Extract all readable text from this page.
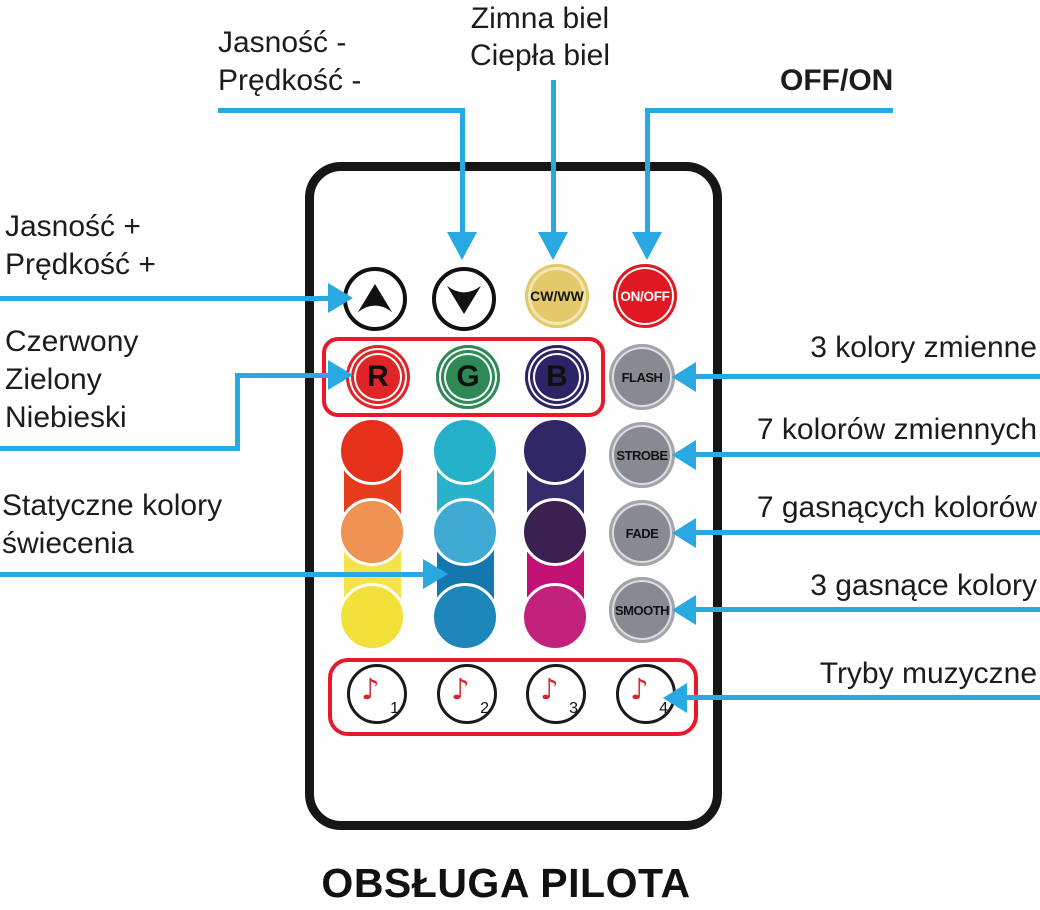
CW/WW	ON/OFF
R G B	FLASH
STROBE
FADE
SMOOTH
♪
1
♪
2
♪
3
♪
4
Jasność -
Prędkość -
Zimna biel
Ciepła biel
OFF/ON
Jasność +
Prędkość +
Czerwony
Zielony
Niebieski
Statyczne kolory
świecenia
3 kolory zmienne
7 kolorów zmiennych
7 gasnących kolorów
3 gasnące kolory
Tryby muzyczne
OBSŁUGA PILOTA
